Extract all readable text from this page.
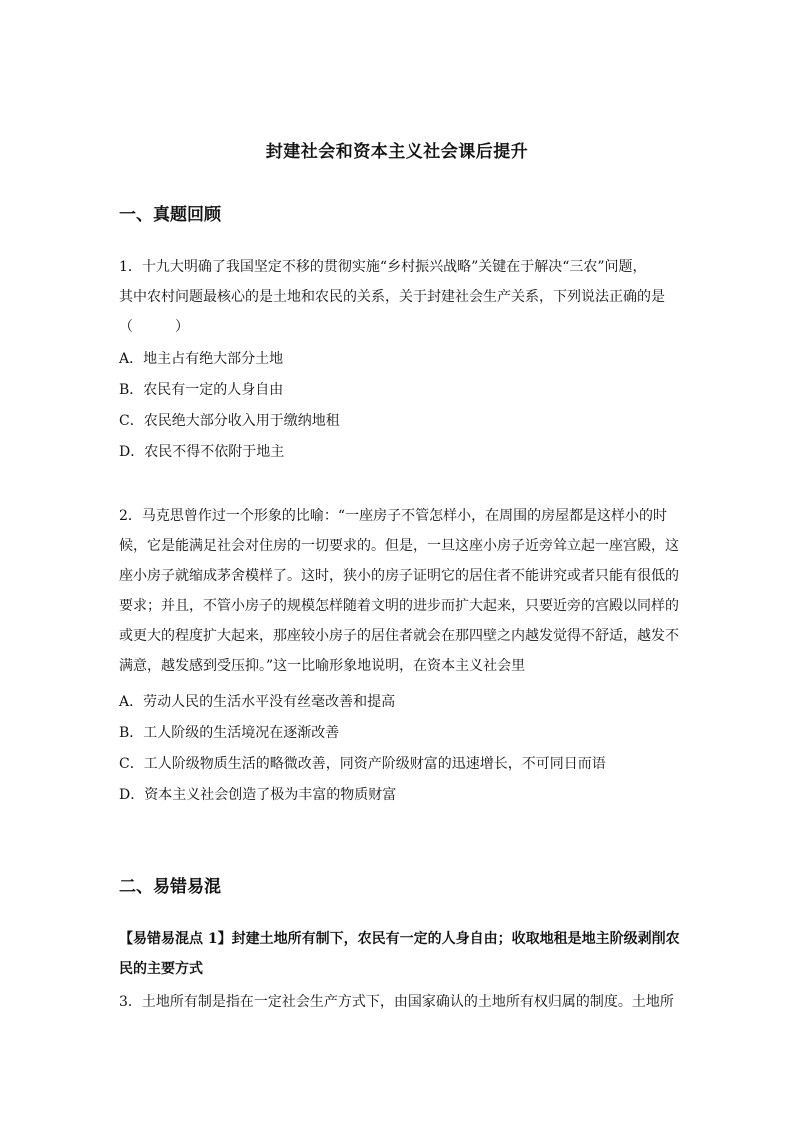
封建社会和资本主义社会课后提升
一、真题回顾
1．十九大明确了我国坚定不移的贯彻实施“乡村振兴战略”关键在于解决“三农”问题，
其中农村问题最核心的是土地和农民的关系，关于封建社会生产关系，下列说法正确的是
（　　　）
A．地主占有绝大部分土地
B．农民有一定的人身自由
C．农民绝大部分收入用于缴纳地租
D．农民不得不依附于地主
2．马克思曾作过一个形象的比喻：“一座房子不管怎样小，在周围的房屋都是这样小的时
候，它是能满足社会对住房的一切要求的。但是，一旦这座小房子近旁耸立起一座宫殿，这
座小房子就缩成茅舍模样了。这时，狭小的房子证明它的居住者不能讲究或者只能有很低的
要求；并且，不管小房子的规模怎样随着文明的进步而扩大起来，只要近旁的宫殿以同样的
或更大的程度扩大起来，那座较小房子的居住者就会在那四壁之内越发觉得不舒适，越发不
满意，越发感到受压抑。”这一比喻形象地说明，在资本主义社会里
A．劳动人民的生活水平没有丝毫改善和提高
B．工人阶级的生活境况在逐渐改善
C．工人阶级物质生活的略微改善，同资产阶级财富的迅速增长，不可同日而语
D．资本主义社会创造了极为丰富的物质财富
二、易错易混
【易错易混点 1】封建土地所有制下，农民有一定的人身自由；收取地租是地主阶级剥削农
民的主要方式
3．土地所有制是指在一定社会生产方式下，由国家确认的土地所有权归属的制度。土地所
